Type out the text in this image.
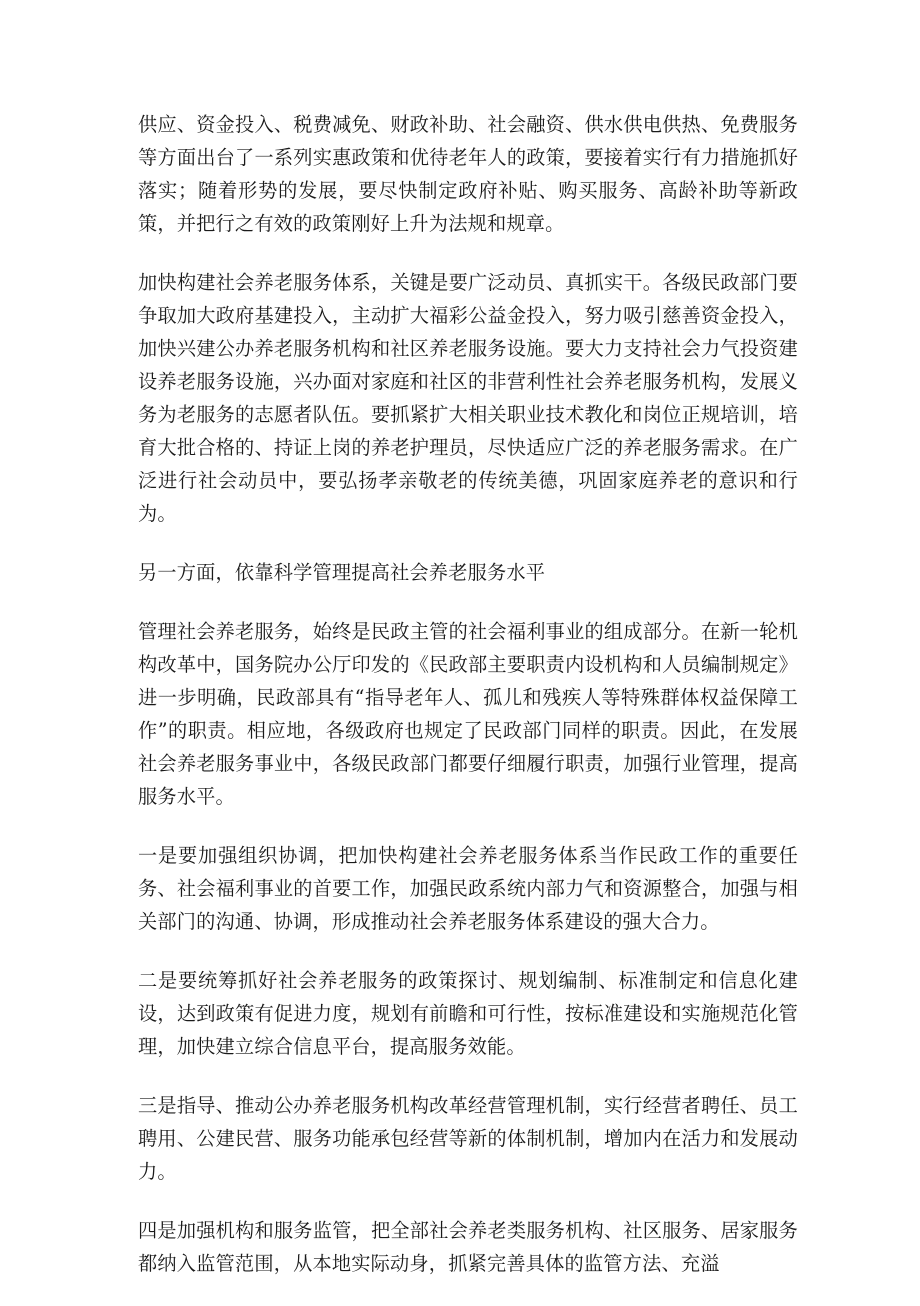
供应、资金投入、税费减免、财政补助、社会融资、供水供电供热、免费服务等方面出台了一系列实惠政策和优待老年人的政策，要接着实行有力措施抓好落实；随着形势的发展，要尽快制定政府补贴、购买服务、高龄补助等新政策，并把行之有效的政策刚好上升为法规和规章。

加快构建社会养老服务体系，关键是要广泛动员、真抓实干。各级民政部门要争取加大政府基建投入，主动扩大福彩公益金投入，努力吸引慈善资金投入，加快兴建公办养老服务机构和社区养老服务设施。要大力支持社会力气投资建设养老服务设施，兴办面对家庭和社区的非营利性社会养老服务机构，发展义务为老服务的志愿者队伍。要抓紧扩大相关职业技术教化和岗位正规培训，培育大批合格的、持证上岗的养老护理员，尽快适应广泛的养老服务需求。在广泛进行社会动员中，要弘扬孝亲敬老的传统美德，巩固家庭养老的意识和行为。

另一方面，依靠科学管理提高社会养老服务水平

管理社会养老服务，始终是民政主管的社会福利事业的组成部分。在新一轮机构改革中，国务院办公厅印发的《民政部主要职责内设机构和人员编制规定》进一步明确，民政部具有“指导老年人、孤儿和残疾人等特殊群体权益保障工作”的职责。相应地，各级政府也规定了民政部门同样的职责。因此，在发展社会养老服务事业中，各级民政部门都要仔细履行职责，加强行业管理，提高服务水平。

一是要加强组织协调，把加快构建社会养老服务体系当作民政工作的重要任务、社会福利事业的首要工作，加强民政系统内部力气和资源整合，加强与相关部门的沟通、协调，形成推动社会养老服务体系建设的强大合力。

二是要统筹抓好社会养老服务的政策探讨、规划编制、标准制定和信息化建设，达到政策有促进力度，规划有前瞻和可行性，按标准建设和实施规范化管理，加快建立综合信息平台，提高服务效能。

三是指导、推动公办养老服务机构改革经营管理机制，实行经营者聘任、员工聘用、公建民营、服务功能承包经营等新的体制机制，增加内在活力和发展动力。

四是加强机构和服务监管，把全部社会养老类服务机构、社区服务、居家服务都纳入监管范围，从本地实际动身，抓紧完善具体的监管方法、充溢
